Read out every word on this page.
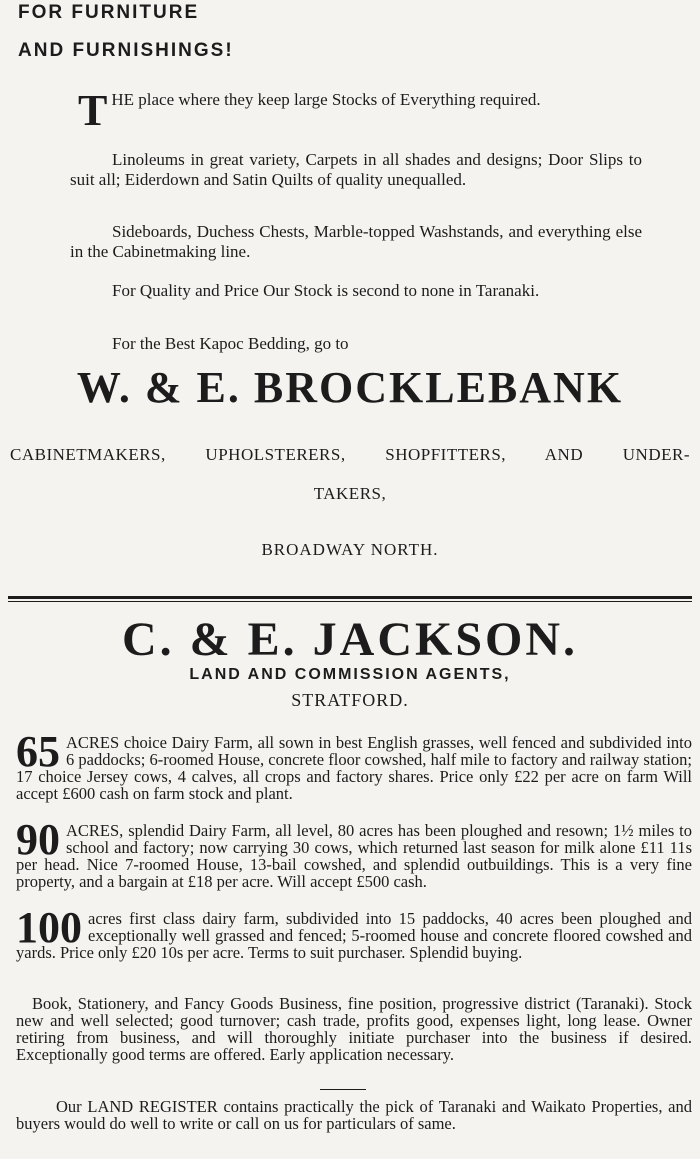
FOR FURNITURE
AND FURNISHINGS!

T HE place where they keep large Stocks of Everything required.

Linoleums in great variety, Carpets in all shades and designs; Door Slips to suit all; Eiderdown and Satin Quilts of quality unequalled.

Sideboards, Duchess Chests, Marble-topped Washstands, and everything else in the Cabinetmaking line.

For Quality and Price Our Stock is second to none in Taranaki.

For the Best Kapoc Bedding, go to

W. & E. BROCKLEBANK

CABINETMAKERS, UPHOLSTERERS, SHOPFITTERS, AND UNDER-

TAKERS,

BROADWAY NORTH.

C. & E. JACKSON.

LAND AND COMMISSION AGENTS,

STRATFORD.

65 ACRES choice Dairy Farm, all sown in best English grasses, well fenced and subdivided into 6 paddocks; 6-roomed House, concrete floor cowshed, half mile to factory and railway station; 17 choice Jersey cows, 4 calves, all crops and factory shares. Price only £22 per acre on farm Will accept £600 cash on farm stock and plant.

90 ACRES, splendid Dairy Farm, all level, 80 acres has been ploughed and resown; 1½ miles to school and factory; now carrying 30 cows, which returned last season for milk alone £11 11s per head. Nice 7-roomed House, 13-bail cowshed, and splendid outbuildings. This is a very fine property, and a bargain at £18 per acre. Will accept £500 cash.

100 acres first class dairy farm, subdivided into 15 paddocks, 40 acres been ploughed and exceptionally well grassed and fenced; 5-roomed house and concrete floored cowshed and yards. Price only £20 10s per acre. Terms to suit purchaser. Splendid buying.

Book, Stationery, and Fancy Goods Business, fine position, progressive district (Taranaki). Stock new and well selected; good turnover; cash trade, profits good, expenses light, long lease. Owner retiring from business, and will thoroughly initiate purchaser into the business if desired. Exceptionally good terms are offered. Early application necessary.

Our LAND REGISTER contains practically the pick of Taranaki and Waikato Properties, and buyers would do well to write or call on us for particulars of same.
